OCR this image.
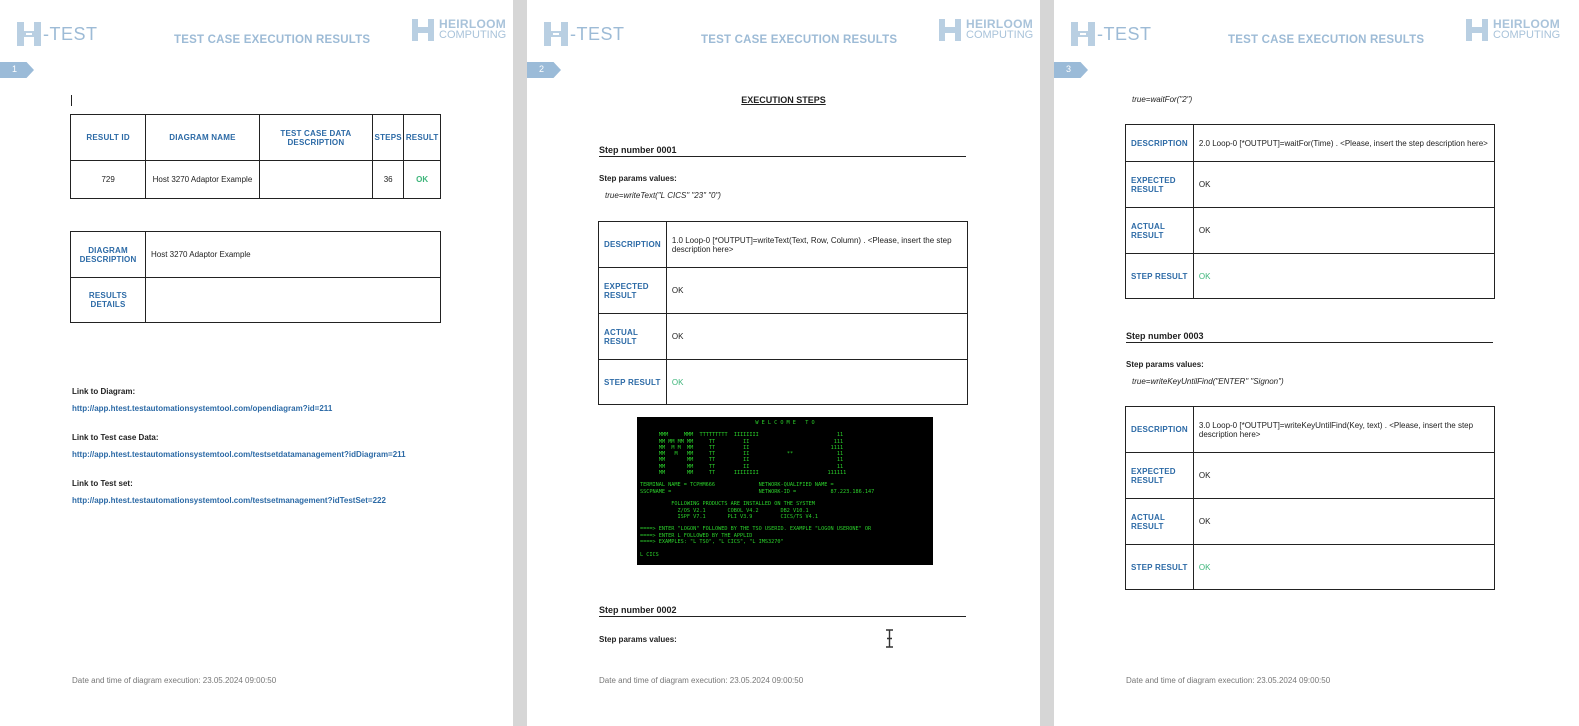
-TEST	TEST CASE EXECUTION RESULTS
HEIRLOOM
COMPUTING
1
RESULT ID	DIAGRAM NAME	TEST CASE DATA DESCRIPTION	STEPS	RESULT
729	Host 3270 Adaptor Example		36	OK
DIAGRAM DESCRIPTION	Host 3270 Adaptor Example
RESULTS DETAILS	
Link to Diagram:
http://app.htest.testautomationsystemtool.com/opendiagram?id=211
Link to Test case Data:
http://app.htest.testautomationsystemtool.com/testsetdatamanagement?idDiagram=211
Link to Test set:
http://app.htest.testautomationsystemtool.com/testsetmanagement?idTestSet=222
Date and time of diagram execution: 23.05.2024 09:00:50
-TEST	TEST CASE EXECUTION RESULTS
HEIRLOOM
COMPUTING
2
EXECUTION STEPS
Step number 0001
Step params values:
true=writeText("L CICS" "23" "0")
DESCRIPTION	1.0 Loop-0 [*OUTPUT]=writeText(Text, Row, Column) . <Please, insert the step description here>
EXPECTED RESULT	OK
ACTUAL RESULT	OK
STEP RESULT	OK
W E L C O M E   T O
MMM     MMM  TTTTTTTTT  IIIIIIII                         11
MM MM MM MM     TT         II                           111
MM  M M  MM     TT         II                          1111
MM   M   MM     TT         II            **              11
MM       MM     TT         II                            11
MM       MM     TT         II                            11
MM       MM     TT      IIIIIIII                      111111
TERMINAL NAME = TCPHM666              NETWORK-QUALIFIED NAME =
SSCPNAME =                            NETWORK-ID =           87.223.186.147

FOLLOWING PRODUCTS ARE INSTALLED ON THE SYSTEM
Z/OS V2.1       COBOL V4.2       DB2 V10.1
ISPF V7.1       PLI V3.9         CICS/TS V4.1

====> ENTER "LOGON" FOLLOWED BY THE TSO USERID. EXAMPLE "LOGON USERONE" OR
====> ENTER L FOLLOWED BY THE APPLID
====> EXAMPLES: "L TSO", "L CICS", "L IMS3270"

L CICS
Step number 0002
Step params values:
Date and time of diagram execution: 23.05.2024 09:00:50
-TEST	TEST CASE EXECUTION RESULTS
HEIRLOOM
COMPUTING
3
true=waitFor("2")
DESCRIPTION	2.0 Loop-0 [*OUTPUT]=waitFor(Time) . <Please, insert the step description here>
EXPECTED RESULT	OK
ACTUAL RESULT	OK
STEP RESULT	OK
Step number 0003
Step params values:
true=writeKeyUntilFind("ENTER" "Signon")
DESCRIPTION	3.0 Loop-0 [*OUTPUT]=writeKeyUntilFind(Key, text) . <Please, insert the step description here>
EXPECTED RESULT	OK
ACTUAL RESULT	OK
STEP RESULT	OK
Date and time of diagram execution: 23.05.2024 09:00:50
